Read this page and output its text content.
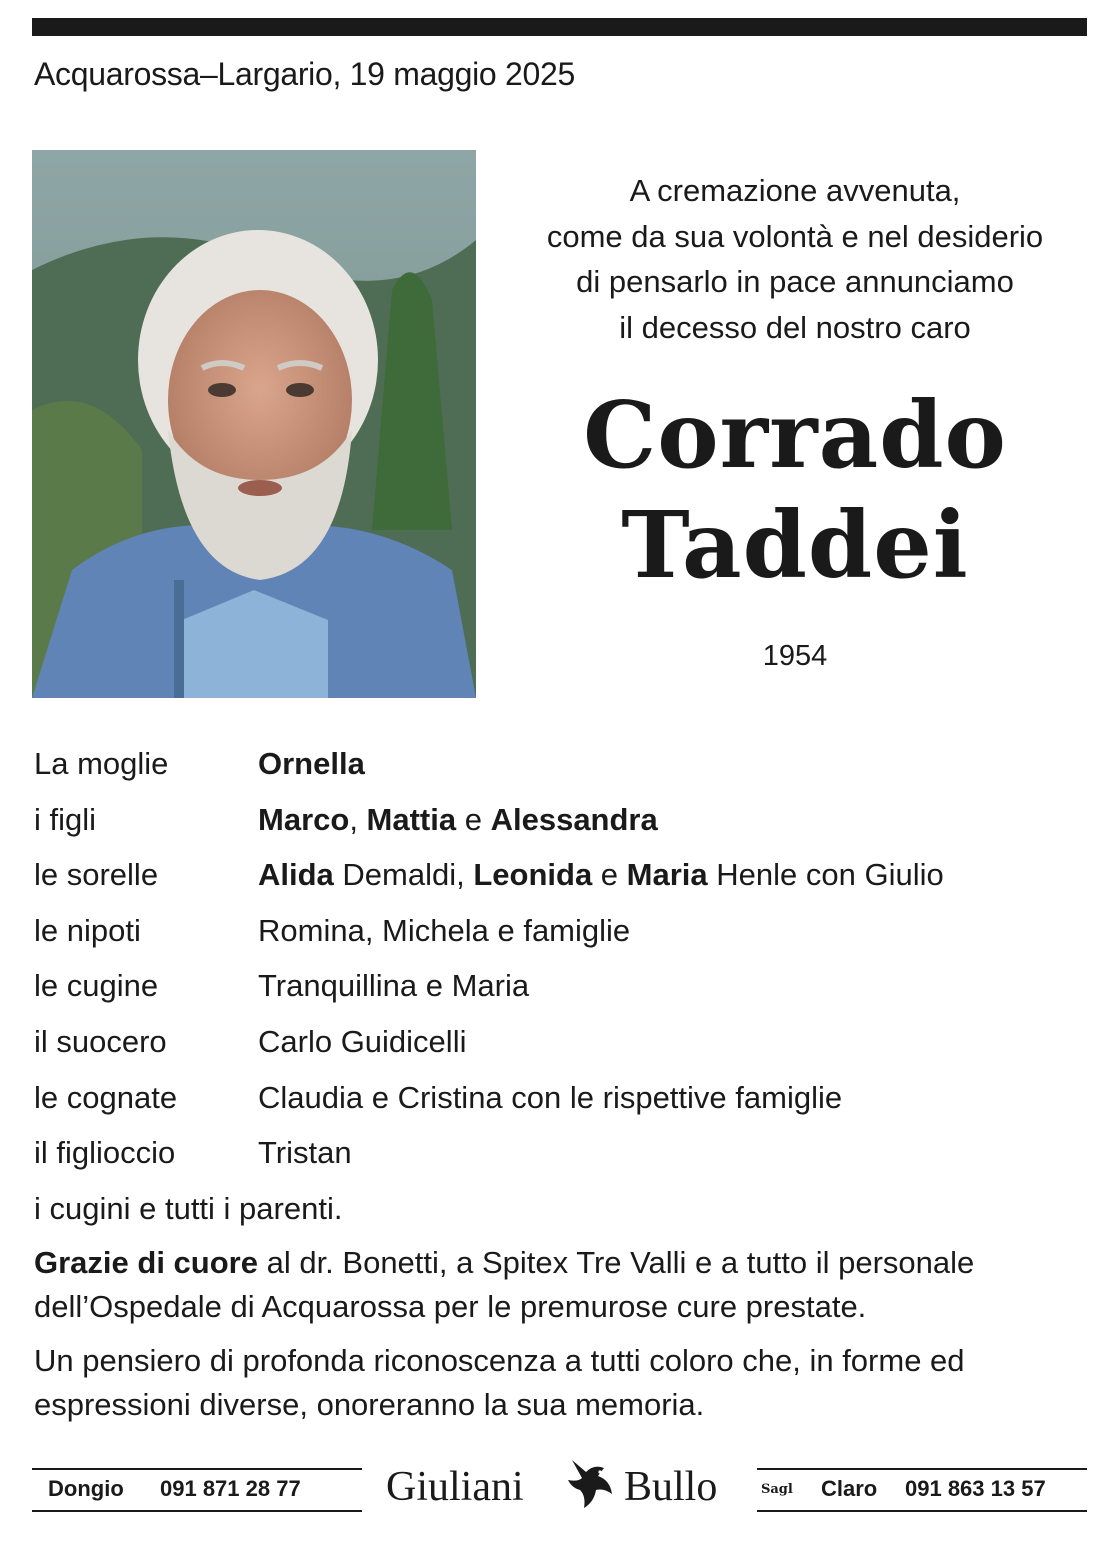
Acquarossa–Largario, 19 maggio 2025
A cremazione avvenuta,
come da sua volontà e nel desiderio
di pensarlo in pace annunciamo
il decesso del nostro caro
Corrado
Taddei
1954
La moglie	Ornella
i figli	Marco, Mattia e Alessandra
le sorelle	Alida Demaldi, Leonida e Maria Henle con Giulio
le nipoti	Romina, Michela e famiglie
le cugine	Tranquillina e Maria
il suocero	Carlo Guidicelli
le cognate	Claudia e Cristina con le rispettive famiglie
il figlioccio	Tristan

i cugini e tutti i parenti.

Grazie di cuore al dr. Bonetti, a Spitex Tre Valli e a tutto il personale dell’Ospedale di Acquarossa per le premurose cure prestate.

Un pensiero di profonda riconoscenza a tutti coloro che, in forme ed espressioni diverse, onoreranno la sua memoria.

Dongio 091 871 28 77 Giuliani Bullo	Sagl Claro 091 863 13 57
